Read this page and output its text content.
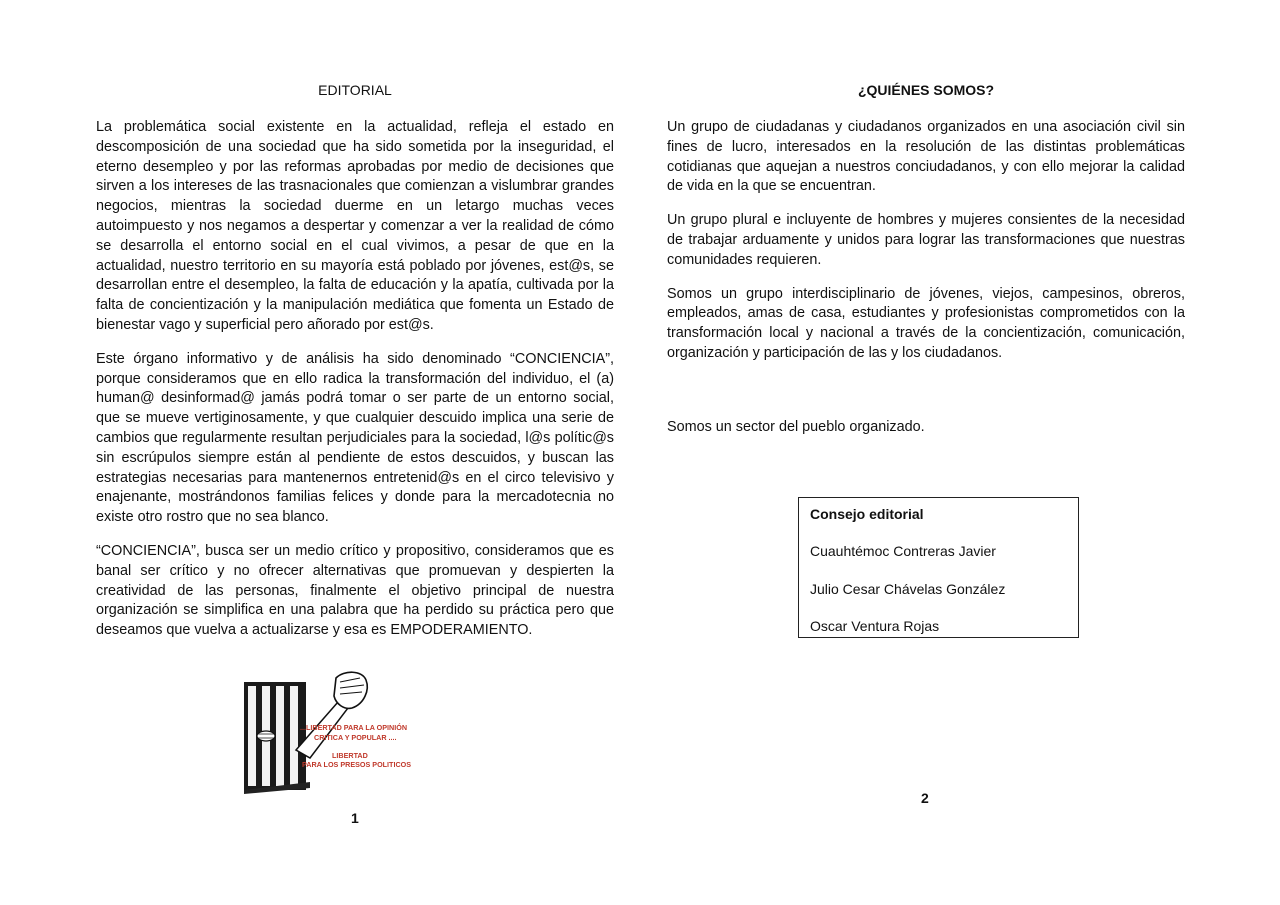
EDITORIAL

La problemática social existente en la actualidad, refleja el estado en descomposición de una sociedad que ha sido sometida por la inseguridad, el eterno desempleo y por las reformas aprobadas por medio de decisiones que sirven a los intereses de las trasnacionales que comienzan a vislumbrar grandes negocios, mientras la sociedad duerme en un letargo muchas veces autoimpuesto y nos negamos a despertar y comenzar a ver la realidad de cómo se desarrolla el entorno social en el cual vivimos, a pesar de que en la actualidad, nuestro territorio en su mayoría está poblado por jóvenes, est@s, se desarrollan entre el desempleo, la falta de educación y la apatía, cultivada por la falta de concientización y la manipulación mediática que fomenta un Estado de bienestar vago y superficial pero añorado por est@s.

Este órgano informativo y de análisis ha sido denominado “CONCIENCIA”, porque consideramos que en ello radica la transformación del individuo, el (a) human@ desinformad@ jamás podrá tomar o ser parte de un entorno social, que se mueve vertiginosamente, y que cualquier descuido implica una serie de cambios que regularmente resultan perjudiciales para la sociedad, l@s polític@s sin escrúpulos siempre están al pendiente de estos descuidos, y buscan las estrategias necesarias para mantenernos entretenid@s en el circo televisivo y enajenante, mostrándonos familias felices y donde para la mercadotecnia no existe otro rostro que no sea blanco.

“CONCIENCIA”, busca ser un medio crítico y propositivo, consideramos que es banal ser crítico y no ofrecer alternativas que promuevan y despierten la creatividad de las personas, finalmente el objetivo principal de nuestra organización se simplifica en una palabra que ha perdido su práctica pero que deseamos que vuelva a actualizarse y esa es EMPODERAMIENTO.

...LIBERTAD PARA LA OPINIÓN
CRITICA Y POPULAR ....
LIBERTAD
PARA LOS PRESOS POLITICOS
1
¿QUIÉNES SOMOS?

Un grupo de ciudadanas y ciudadanos organizados en una asociación civil sin fines de lucro, interesados en la resolución de las distintas problemáticas cotidianas que aquejan a nuestros conciudadanos, y con ello mejorar la calidad de vida en la que se encuentran.

Un grupo plural e incluyente de hombres y mujeres consientes de la necesidad de trabajar arduamente y unidos para lograr las transformaciones que nuestras comunidades requieren.

Somos un grupo interdisciplinario de jóvenes, viejos, campesinos, obreros, empleados, amas de casa, estudiantes y profesionistas comprometidos con la transformación local y nacional a través de la concientización, comunicación, organización y participación de las y los ciudadanos.

Somos un sector del pueblo organizado.

Consejo editorial
Cuauhtémoc Contreras Javier
Julio Cesar Chávelas González
Oscar Ventura Rojas
2
